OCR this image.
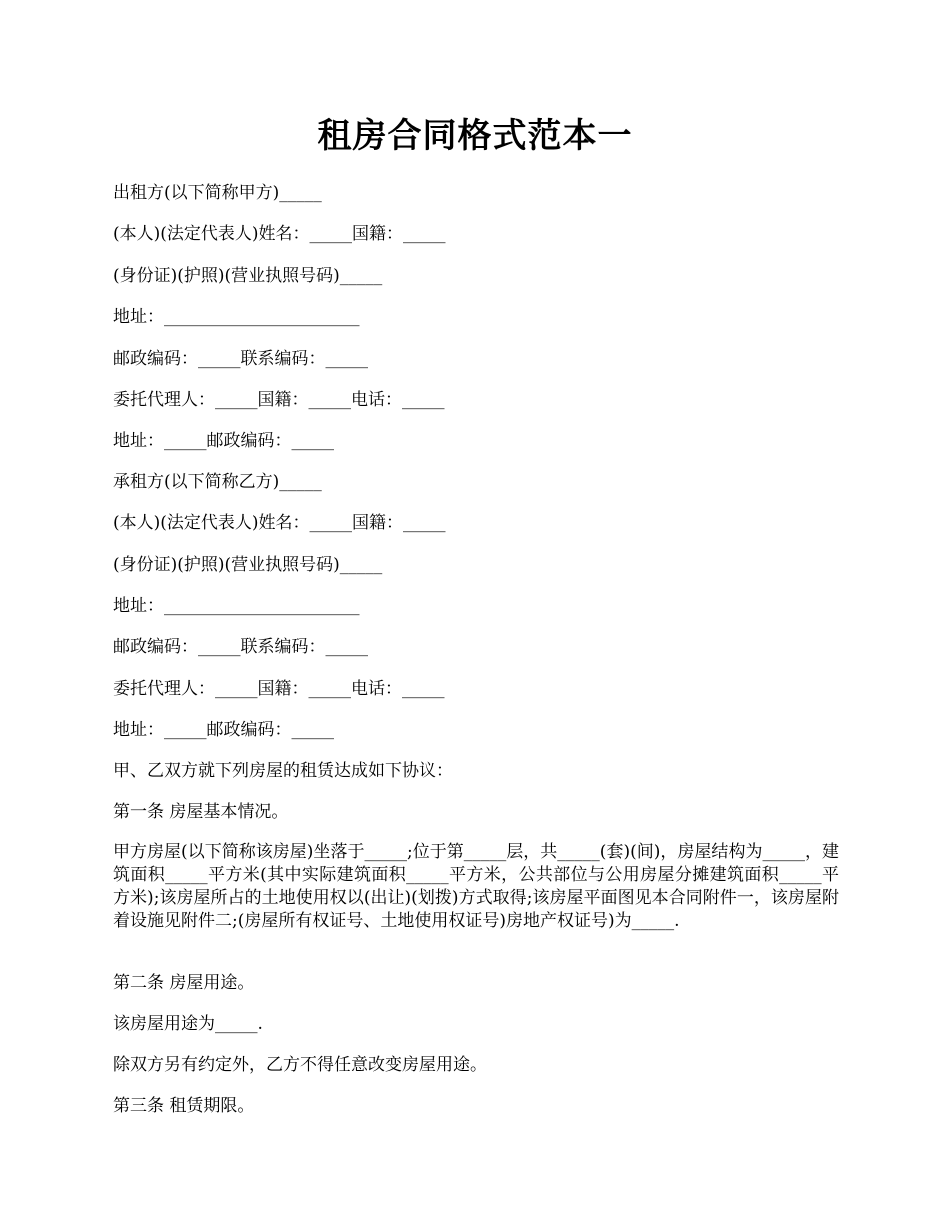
租房合同格式范本一

出租方(以下简称甲方)_____

(本人)(法定代表人)姓名：_____国籍：_____

(身份证)(护照)(营业执照号码)_____

地址：_______________________

邮政编码：_____联系编码：_____

委托代理人：_____国籍：_____电话：_____

地址：_____邮政编码：_____

承租方(以下简称乙方)_____

(本人)(法定代表人)姓名：_____国籍：_____

(身份证)(护照)(营业执照号码)_____

地址：_______________________

邮政编码：_____联系编码：_____

委托代理人：_____国籍：_____电话：_____

地址：_____邮政编码：_____

甲、乙双方就下列房屋的租赁达成如下协议：

第一条 房屋基本情况。

甲方房屋(以下简称该房屋)坐落于_____;位于第_____层，共_____(套)(间)，房屋结构为_____，建筑面积_____平方米(其中实际建筑面积_____平方米，公共部位与公用房屋分摊建筑面积_____平方米);该房屋所占的土地使用权以(出让)(划拨)方式取得;该房屋平面图见本合同附件一，该房屋附着设施见附件二;(房屋所有权证号、土地使用权证号)房地产权证号)为_____.

第二条 房屋用途。

该房屋用途为_____.

除双方另有约定外，乙方不得任意改变房屋用途。

第三条 租赁期限。
